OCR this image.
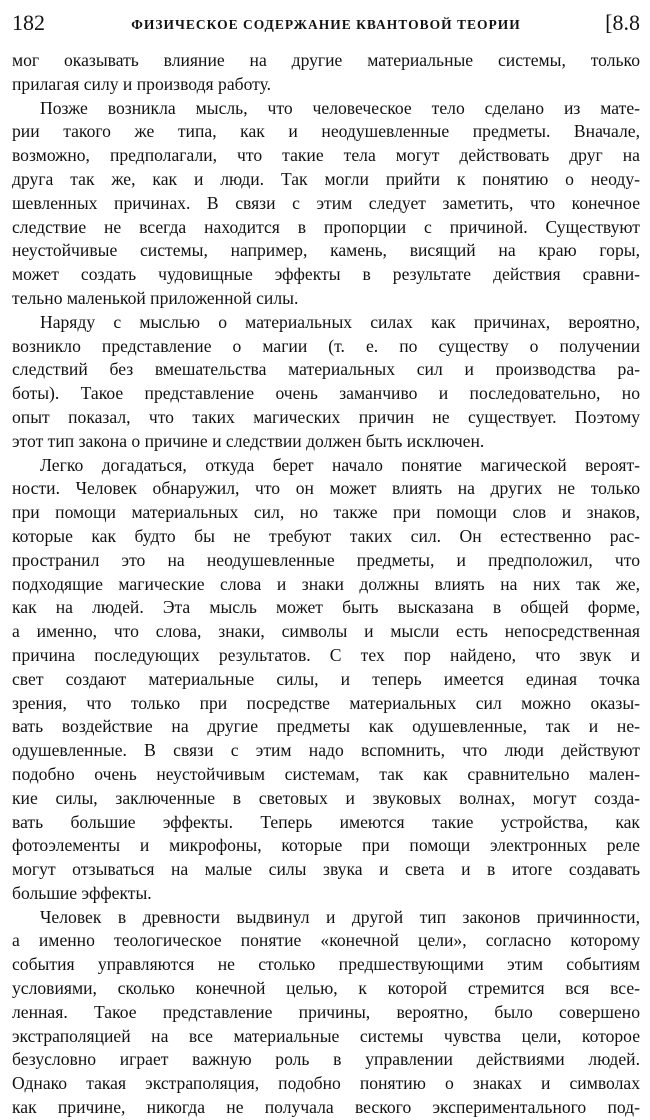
182	ФИЗИЧЕСКОЕ СОДЕРЖАНИЕ КВАНТОВОЙ ТЕОРИИ	[8.8
мог оказывать влияние на другие материальные системы, только
прилагая силу и производя работу.
Позже возникла мысль, что человеческое тело сделано из мате-
рии такого же типа, как и неодушевленные предметы. Вначале,
возможно, предполагали, что такие тела могут действовать друг на
друга так же, как и люди. Так могли прийти к понятию о неоду-
шевленных причинах. В связи с этим следует заметить, что конечное
следствие не всегда находится в пропорции с причиной. Существуют
неустойчивые системы, например, камень, висящий на краю горы,
может создать чудовищные эффекты в результате действия сравни-
тельно маленькой приложенной силы.
Наряду с мыслью о материальных силах как причинах, вероятно,
возникло представление о магии (т. е. по существу о получении
следствий без вмешательства материальных сил и производства ра-
боты). Такое представление очень заманчиво и последовательно, но
опыт показал, что таких магических причин не существует. Поэтому
этот тип закона о причине и следствии должен быть исключен.
Легко догадаться, откуда берет начало понятие магической вероят-
ности. Человек обнаружил, что он может влиять на других не только
при помощи материальных сил, но также при помощи слов и знаков,
которые как будто бы не требуют таких сил. Он естественно рас-
пространил это на неодушевленные предметы, и предположил, что
подходящие магические слова и знаки должны влиять на них так же,
как на людей. Эта мысль может быть высказана в общей форме,
а именно, что слова, знаки, символы и мысли есть непосредственная
причина последующих результатов. С тех пор найдено, что звук и
свет создают материальные силы, и теперь имеется единая точка
зрения, что только при посредстве материальных сил можно оказы-
вать воздействие на другие предметы как одушевленные, так и не-
одушевленные. В связи с этим надо вспомнить, что люди действуют
подобно очень неустойчивым системам, так как сравнительно мален-
кие силы, заключенные в световых и звуковых волнах, могут созда-
вать большие эффекты. Теперь имеются такие устройства, как
фотоэлементы и микрофоны, которые при помощи электронных реле
могут отзываться на малые силы звука и света и в итоге создавать
большие эффекты.
Человек в древности выдвинул и другой тип законов причинности,
а именно теологическое понятие «конечной цели», согласно которому
события управляются не столько предшествующими этим событиям
условиями, сколько конечной целью, к которой стремится вся все-
ленная. Такое представление причины, вероятно, было совершено
экстраполяцией на все материальные системы чувства цели, которое
безусловно играет важную роль в управлении действиями людей.
Однако такая экстраполяция, подобно понятию о знаках и символах
как причине, никогда не получала веского экспериментального под-
